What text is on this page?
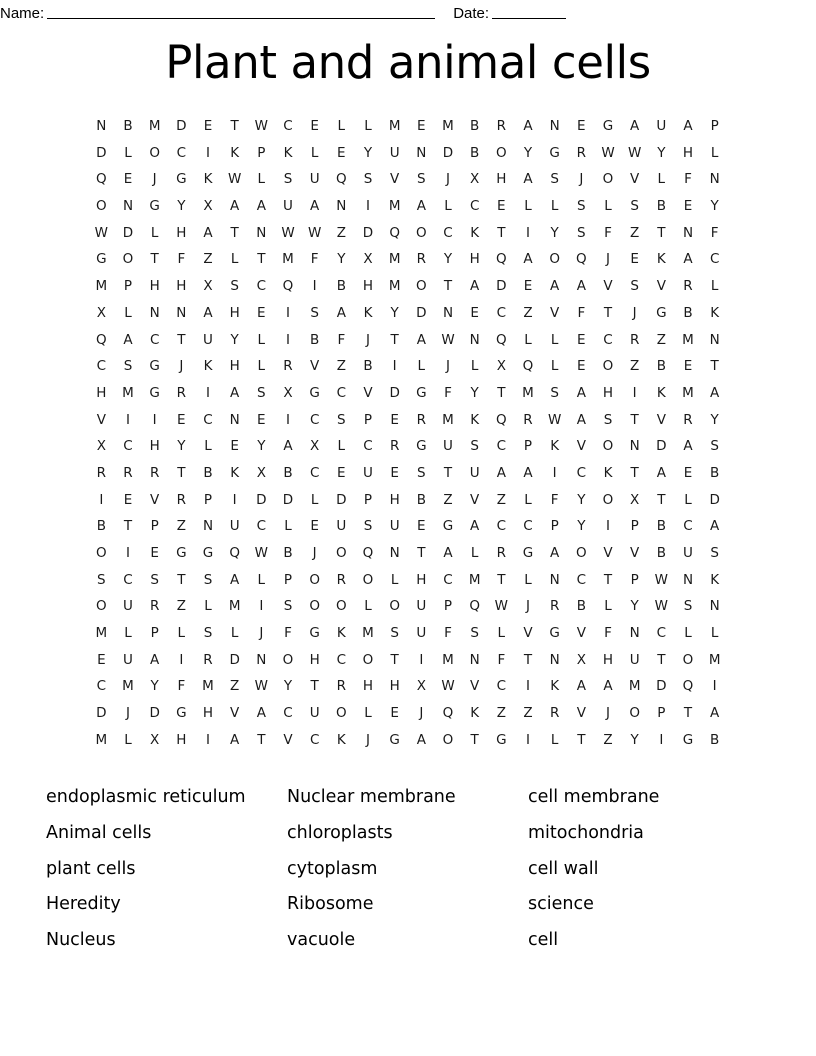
Name:	Date:
Plant and animal cells
N	B	M	D	E	T	W	C	E	L	L	M	E	M	B	R	A	N	E	G	A	U	A	P
D	L	O	C	I	K	P	K	L	E	Y	U	N	D	B	O	Y	G	R	W W	Y	H	L
Q	E	J	G	K	W	L	S	U	Q	S	V	S	J	X	H	A	S	J	O	V	L	F	N
O	N	G	Y	X	A	A	U	A	N	I	M	A	L	C	E	L	L	S	L	S	B	E	Y
W	D	L	H	A	T	N	W W	Z	D	Q	O	C	K	T	I	Y	S	F	Z	T	N	F
G	O	T	F	Z	L	T	M	F	Y	X	M	R	Y	H	Q	A	O	Q	J	E	K	A	C
M	P	H	H	X	S	C	Q	I	B	H	M	O	T	A	D	E	A	A	V	S	V	R	L
X	L	N	N	A	H	E	I	S	A	K	Y	D	N	E	C	Z	V	F	T	J	G	B	K
Q	A	C	T	U	Y	L	I	B	F	J	T	A	W	N	Q	L	L	E	C	R	Z	M	N
C	S	G	J	K	H	L	R	V	Z	B	I	L	J	L	X	Q	L	E	O	Z	B	E	T
H	M	G	R	I	A	S	X	G	C	V	D	G	F	Y	T	M	S	A	H	I	K	M	A
V	I	I	E	C	N	E	I	C	S	P	E	R	M	K	Q	R	W	A	S	T	V	R	Y
X	C	H	Y	L	E	Y	A	X	L	C	R	G	U	S	C	P	K	V	O	N	D	A	S
R	R	R	T	B	K	X	B	C	E	U	E	S	T	U	A	A	I	C	K	T	A	E	B
I	E	V	R	P	I	D	D	L	D	P	H	B	Z	V	Z	L	F	Y	O	X	T	L	D
B	T	P	Z	N	U	C	L	E	U	S	U	E	G	A	C	C	P	Y	I	P	B	C	A
O	I	E	G	G	Q	W	B	J	O	Q	N	T	A	L	R	G	A	O	V	V	B	U	S
S	C	S	T	S	A	L	P	O	R	O	L	H	C	M	T	L	N	C	T	P	W	N	K
O	U	R	Z	L	M	I	S	O	O	L	O	U	P	Q	W	J	R	B	L	Y	W	S	N
M	L	P	L	S	L	J	F	G	K	M	S	U	F	S	L	V	G	V	F	N	C	L	L
E	U	A	I	R	D	N	O	H	C	O	T	I	M	N	F	T	N	X	H	U	T	O	M
C	M	Y	F	M	Z	W	Y	T	R	H	H	X	W	V	C	I	K	A	A	M	D	Q	I
D	J	D	G	H	V	A	C	U	O	L	E	J	Q	K	Z	Z	R	V	J	O	P	T	A
M	L	X	H	I	A	T	V	C	K	J	G	A	O	T	G	I	L	T	Z	Y	I	G	B
endoplasmic reticulum	Nuclear membrane	cell membrane
Animal cells	chloroplasts	mitochondria
plant cells	cytoplasm	cell wall
Heredity	Ribosome	science
Nucleus	vacuole	cell
